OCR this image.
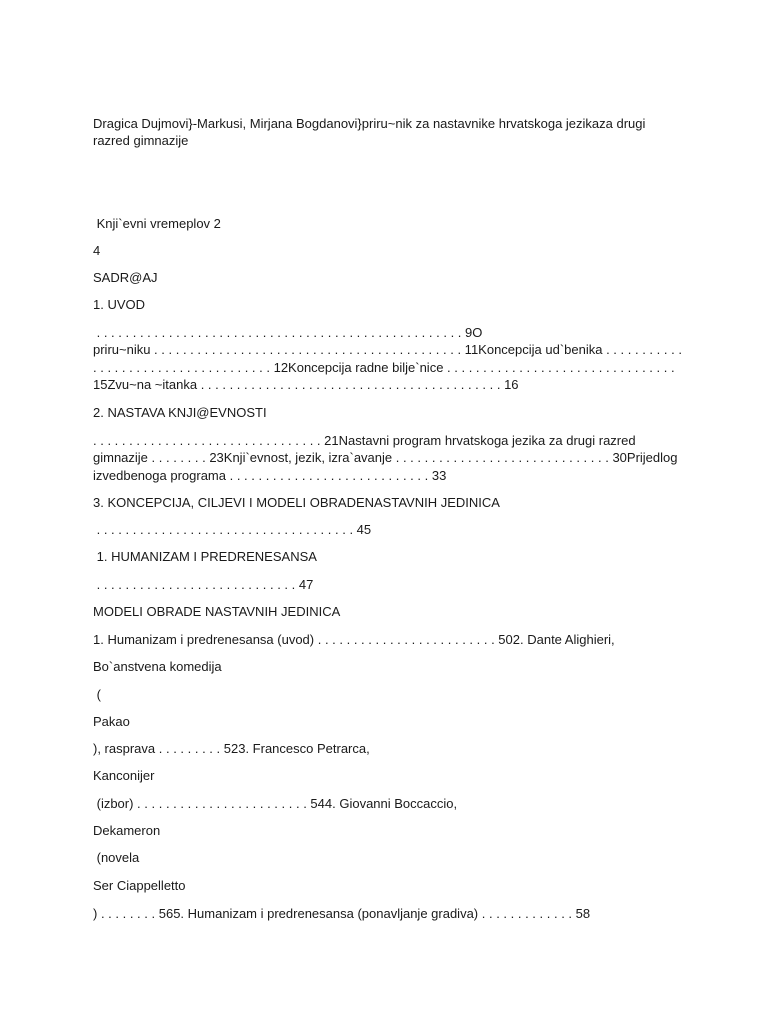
Dragica Dujmovi}-Markusi, Mirjana Bogdanovi}priru~nik za nastavnike hrvatskoga jezikaza drugi
razred gimnazije
Knji`evni vremeplov 2
4
SADR@AJ
1. UVOD
. . . . . . . . . . . . . . . . . . . . . . . . . . . . . . . . . . . . . . . . . . . . . . . . . . . 9O
priru~niku . . . . . . . . . . . . . . . . . . . . . . . . . . . . . . . . . . . . . . . . . . . 11Koncepcija ud`benika . . . . . . . . . . .
. . . . . . . . . . . . . . . . . . . . . . . . . 12Koncepcija radne bilje`nice . . . . . . . . . . . . . . . . . . . . . . . . . . . . . . . .
15Zvu~na ~itanka . . . . . . . . . . . . . . . . . . . . . . . . . . . . . . . . . . . . . . . . . . 16
2. NASTAVA KNJI@EVNOSTI
. . . . . . . . . . . . . . . . . . . . . . . . . . . . . . . . 21Nastavni program hrvatskoga jezika za drugi razred
gimnazije . . . . . . . . 23Knji`evnost, jezik, izra`avanje . . . . . . . . . . . . . . . . . . . . . . . . . . . . . . 30Prijedlog
izvedbenoga programa . . . . . . . . . . . . . . . . . . . . . . . . . . . . 33
3. KONCEPCIJA, CILJEVI I MODELI OBRADENASTAVNIH JEDINICA
. . . . . . . . . . . . . . . . . . . . . . . . . . . . . . . . . . . . 45
1. HUMANIZAM I PREDRENESANSA
. . . . . . . . . . . . . . . . . . . . . . . . . . . . 47
MODELI OBRADE NASTAVNIH JEDINICA
1. Humanizam i predrenesansa (uvod) . . . . . . . . . . . . . . . . . . . . . . . . . 502. Dante Alighieri,
Bo`anstvena komedija
(
Pakao
), rasprava . . . . . . . . . 523. Francesco Petrarca,
Kanconijer
(izbor) . . . . . . . . . . . . . . . . . . . . . . . . 544. Giovanni Boccaccio,
Dekameron
(novela
Ser Ciappelletto
) . . . . . . . . 565. Humanizam i predrenesansa (ponavljanje gradiva) . . . . . . . . . . . . . 58
